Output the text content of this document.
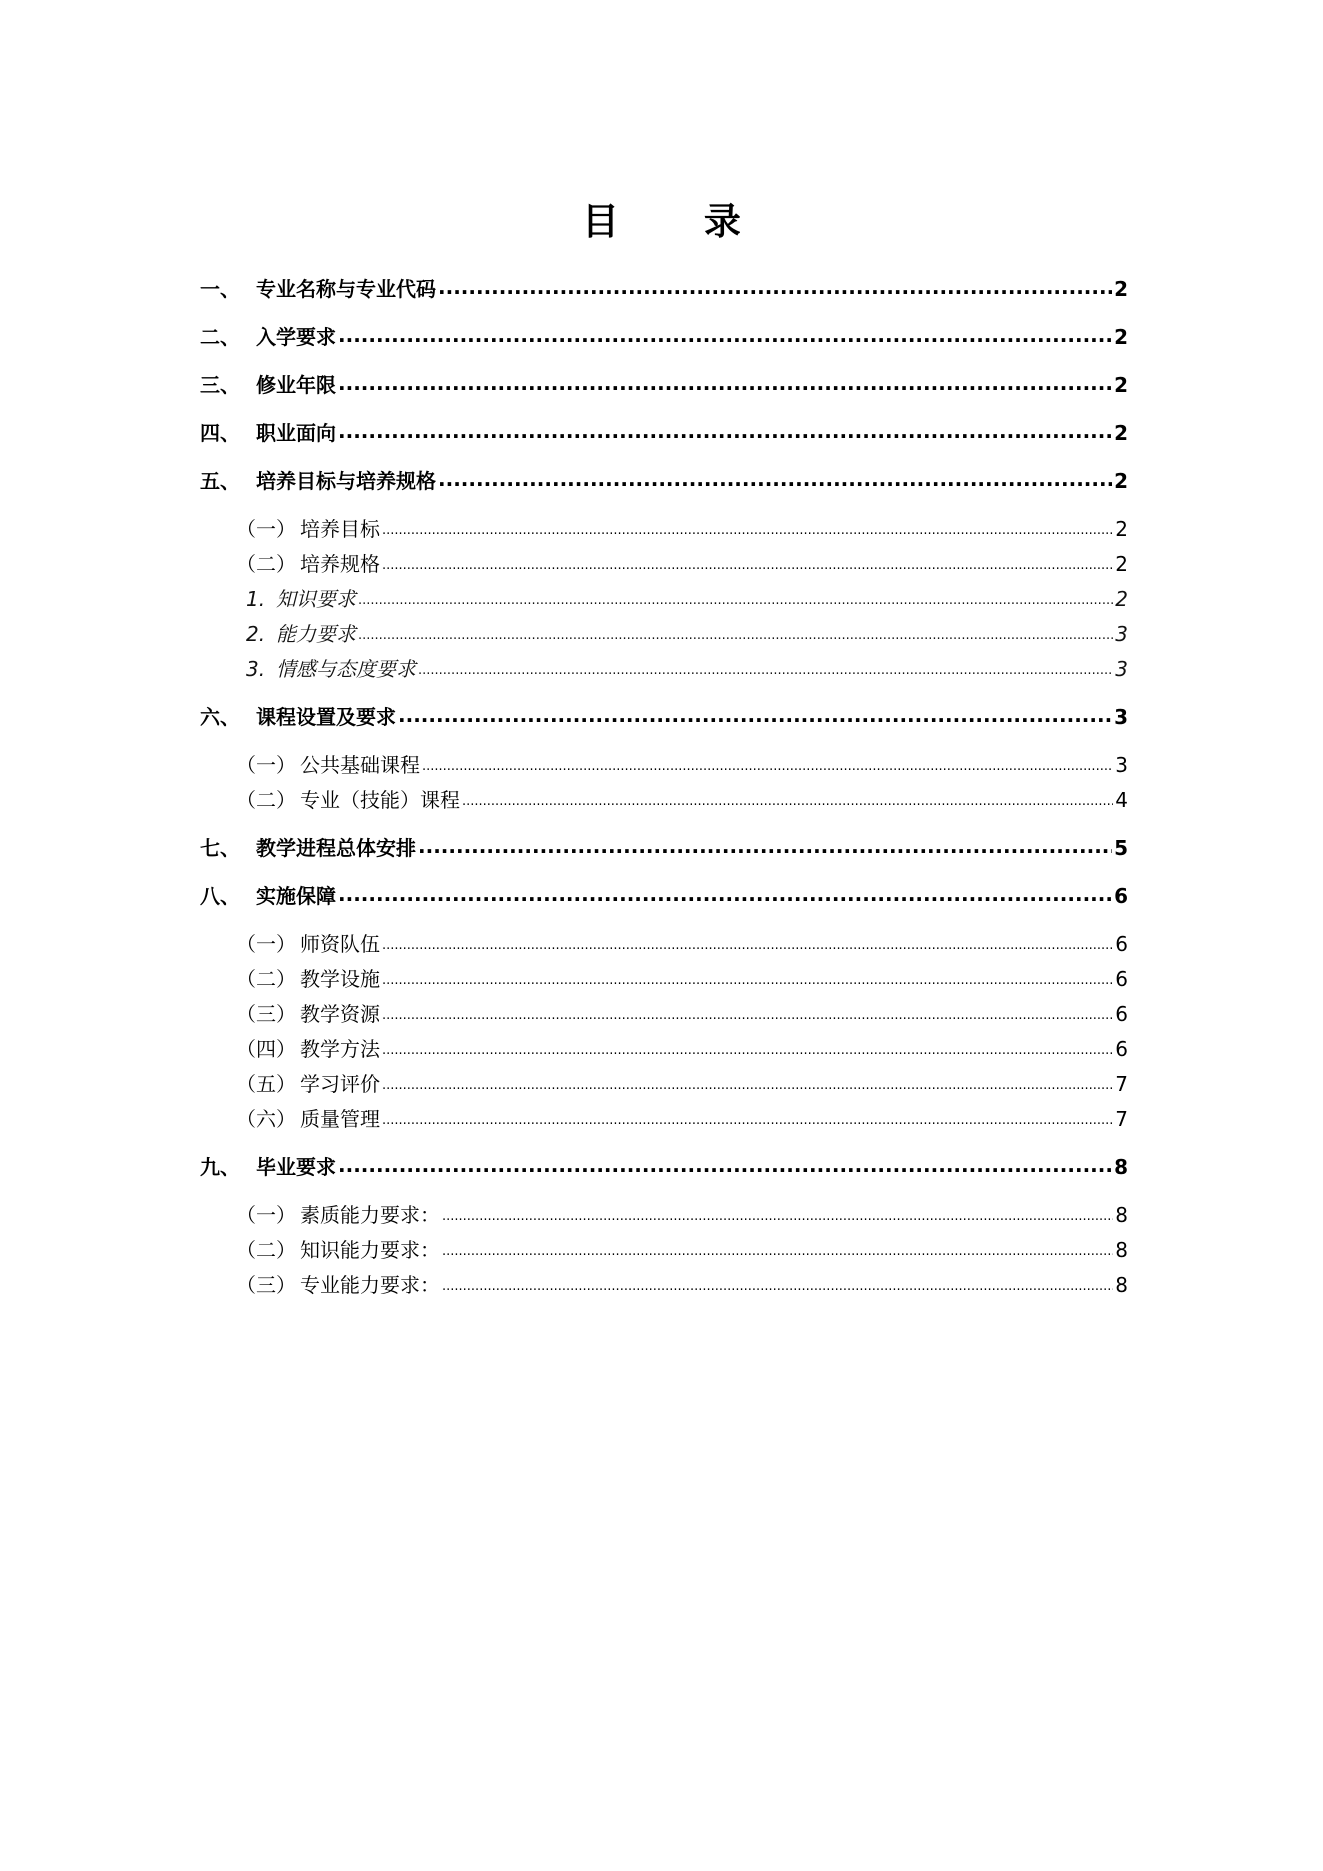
目 录
一、 专业名称与专业代码 .....	2
二、 入学要求 .....	2
三、 修业年限 .....	2
四、 职业面向 .....	2
五、 培养目标与培养规格 .....	2
（一） 培养目标 .....	2
（二） 培养规格 .....	2
1. 知识要求 .....	2
2. 能力要求 .....	3
3. 情感与态度要求 .....	3
六、 课程设置及要求 .....	3
（一） 公共基础课程 .....	3
（二） 专业（技能）课程 .....	4
七、 教学进程总体安排 .....	5
八、 实施保障 .....	6
（一） 师资队伍 .....	6
（二） 教学设施 .....	6
（三） 教学资源 .....	6
（四） 教学方法 .....	6
（五） 学习评价 .....	7
（六） 质量管理 .....	7
九、 毕业要求 .....	8
（一） 素质能力要求： .....	8
（二） 知识能力要求： .....	8
（三） 专业能力要求： .....	8
